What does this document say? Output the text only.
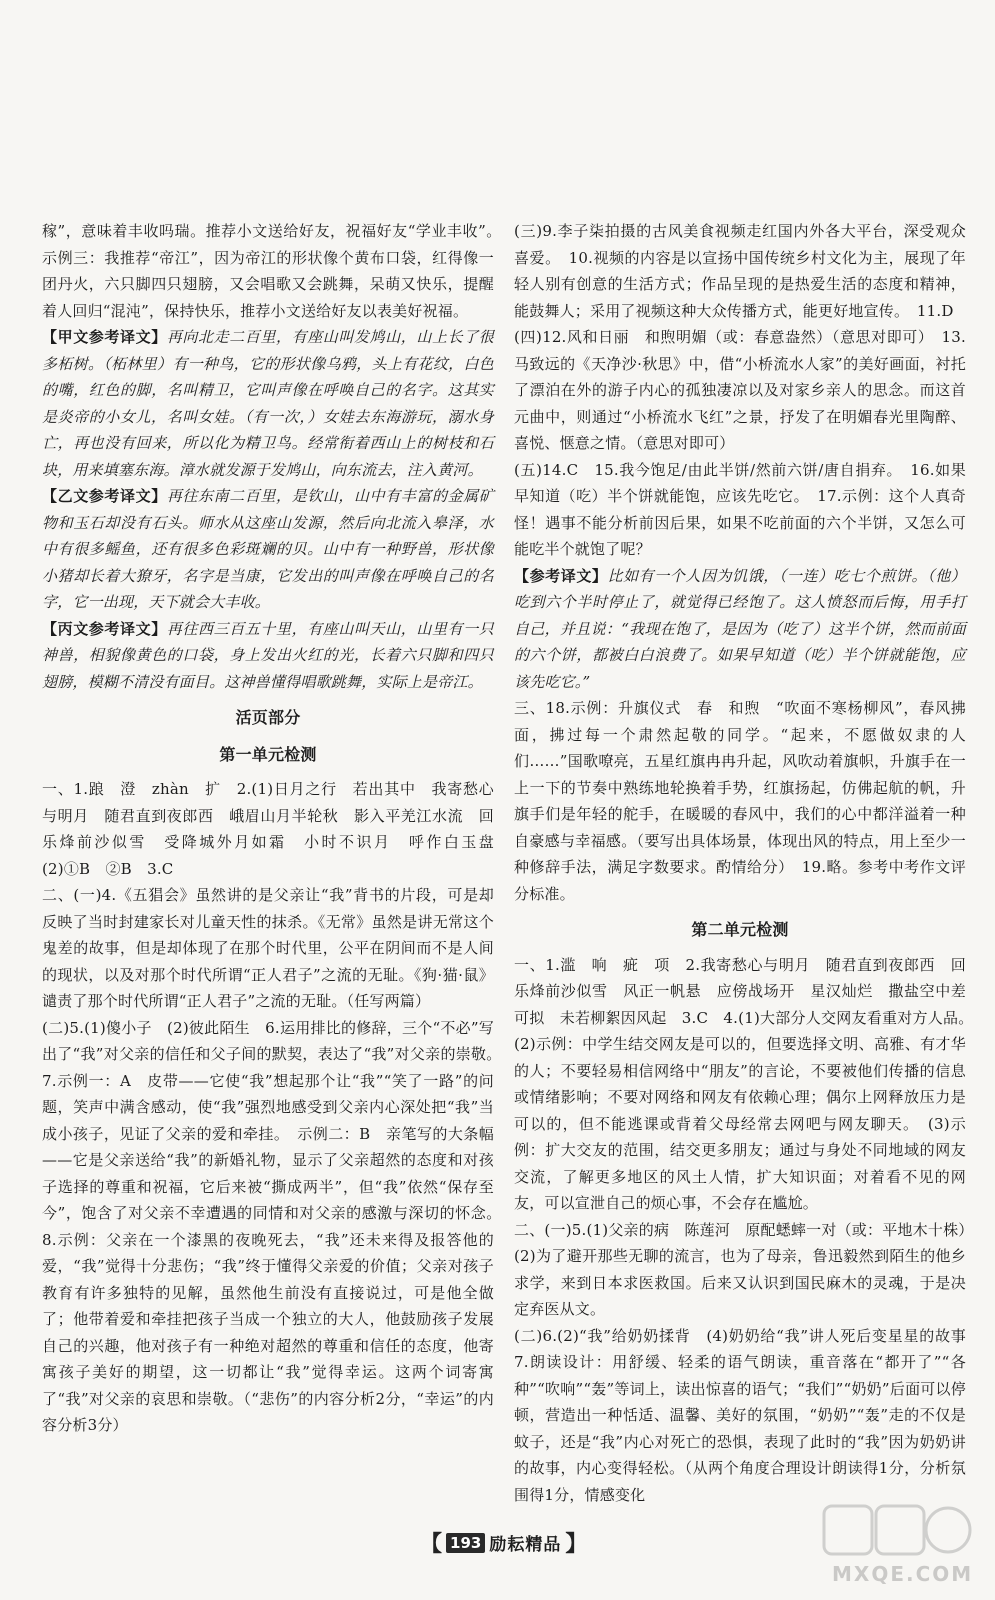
稼”，意味着丰收吗瑞。推荐小文送给好友，祝福好友“学业丰收”。　示例三：我推荐“帝江”，因为帝江的形状像个黄布口袋，红得像一团丹火，六只脚四只翅膀，又会唱歌又会跳舞，呆萌又快乐，提醒着人回归“混沌”，保持快乐，推荐小文送给好友以表美好祝福。

【甲文参考译文】再向北走二百里，有座山叫发鸠山，山上长了很多柘树。（柘林里）有一种鸟，它的形状像乌鸦，头上有花纹，白色的嘴，红色的脚，名叫精卫，它叫声像在呼唤自己的名字。这其实是炎帝的小女儿，名叫女娃。（有一次，）女娃去东海游玩，溺水身亡，再也没有回来，所以化为精卫鸟。经常衔着西山上的树枝和石块，用来填塞东海。漳水就发源于发鸠山，向东流去，注入黄河。

【乙文参考译文】再往东南二百里，是钦山，山中有丰富的金属矿物和玉石却没有石头。师水从这座山发源，然后向北流入皋泽，水中有很多鳐鱼，还有很多色彩斑斓的贝。山中有一种野兽，形状像小猪却长着大獠牙，名字是当康，它发出的叫声像在呼唤自己的名字，它一出现，天下就会大丰收。

【丙文参考译文】再往西三百五十里，有座山叫天山，山里有一只神兽，相貌像黄色的口袋，身上发出火红的光，长着六只脚和四只翅膀，模糊不清没有面目。这神兽懂得唱歌跳舞，实际上是帝江。

活页部分
第一单元检测

一、1.踉　澄　zhàn　扩　2.(1)日月之行　若出其中　我寄愁心与明月　随君直到夜郎西　峨眉山月半轮秋　影入平羌江水流　回乐烽前沙似雪　受降城外月如霜　小时不识月　呼作白玉盘　(2)①B　②B　3.C

二、(一)4.《五猖会》虽然讲的是父亲让“我”背书的片段，可是却反映了当时封建家长对儿童天性的抹杀。《无常》虽然是讲无常这个鬼差的故事，但是却体现了在那个时代里，公平在阴间而不是人间的现状，以及对那个时代所谓“正人君子”之流的无耻。《狗·猫·鼠》谴责了那个时代所谓“正人君子”之流的无耻。（任写两篇）

(二)5.(1)傻小子　(2)彼此陌生　6.运用排比的修辞，三个“不必”写出了“我”对父亲的信任和父子间的默契，表达了“我”对父亲的崇敬。　7.示例一：A　皮带——它使“我”想起那个让“我”“笑了一路”的问题，笑声中满含感动，使“我”强烈地感受到父亲内心深处把“我”当成小孩子，见证了父亲的爱和牵挂。　示例二：B　亲笔写的大条幅——它是父亲送给“我”的新婚礼物，显示了父亲超然的态度和对孩子选择的尊重和祝福，它后来被“撕成两半”，但“我”依然“保存至今”，饱含了对父亲不幸遭遇的同情和对父亲的感激与深切的怀念。　8.示例：父亲在一个漆黑的夜晚死去，“我”还未来得及报答他的爱，“我”觉得十分悲伤；“我”终于懂得父亲爱的价值；父亲对孩子教育有许多独特的见解，虽然他生前没有直接说过，可是他全做了；他带着爱和牵挂把孩子当成一个独立的大人，他鼓励孩子发展自己的兴趣，他对孩子有一种绝对超然的尊重和信任的态度，他寄寓孩子美好的期望，这一切都让“我”觉得幸运。这两个词寄寓了“我”对父亲的哀思和崇敬。（“悲伤”的内容分析2分，“幸运”的内容分析3分）

(三)9.李子柒拍摄的古风美食视频走红国内外各大平台，深受观众喜爱。　10.视频的内容是以宣扬中国传统乡村文化为主，展现了年轻人别有创意的生活方式；作品呈现的是热爱生活的态度和精神，能鼓舞人；采用了视频这种大众传播方式，能更好地宣传。　11.D

(四)12.风和日丽　和煦明媚（或：春意盎然）（意思对即可）　13.马致远的《天净沙·秋思》中，借“小桥流水人家”的美好画面，衬托了漂泊在外的游子内心的孤独凄凉以及对家乡亲人的思念。而这首元曲中，则通过“小桥流水飞红”之景，抒发了在明媚春光里陶醉、喜悦、惬意之情。（意思对即可）

(五)14.C　15.我今饱足/由此半饼/然前六饼/唐自捐弃。　16.如果早知道（吃）半个饼就能饱，应该先吃它。　17.示例：这个人真奇怪！遇事不能分析前因后果，如果不吃前面的六个半饼，又怎么可能吃半个就饱了呢？

【参考译文】比如有一个人因为饥饿，（一连）吃七个煎饼。（他）吃到六个半时停止了，就觉得已经饱了。这人愤怒而后悔，用手打自己，并且说：“我现在饱了，是因为（吃了）这半个饼，然而前面的六个饼，都被白白浪费了。如果早知道（吃）半个饼就能饱，应该先吃它。”

三、18.示例：升旗仪式　春　和煦　“吹面不寒杨柳风”，春风拂面，拂过每一个肃然起敬的同学。“起来，不愿做奴隶的人们……”国歌嘹亮，五星红旗冉冉升起，风吹动着旗帜，升旗手在一上一下的节奏中熟练地轮换着手势，红旗扬起，仿佛起航的帆，升旗手们是年轻的舵手，在暖暖的春风中，我们的心中都洋溢着一种自豪感与幸福感。（要写出具体场景，体现出风的特点，用上至少一种修辞手法，满足字数要求。酌情给分）　19.略。参考中考作文评分标准。

第二单元检测

一、1.滥　响　疵　项　2.我寄愁心与明月　随君直到夜郎西　回乐烽前沙似雪　风正一帆悬　应傍战场开　星汉灿烂　撒盐空中差可拟　未若柳絮因风起　3.C　4.(1)大部分人交网友看重对方人品。　(2)示例：中学生结交网友是可以的，但要选择文明、高雅、有才华的人；不要轻易相信网络中“朋友”的言论，不要被他们传播的信息或情绪影响；不要对网络和网友有依赖心理；偶尔上网释放压力是可以的，但不能逃课或背着父母经常去网吧与网友聊天。　(3)示例：扩大交友的范围，结交更多朋友；通过与身处不同地域的网友交流，了解更多地区的风土人情，扩大知识面；对着看不见的网友，可以宣泄自己的烦心事，不会存在尴尬。

二、(一)5.(1)父亲的病　陈莲河　原配蟋蟀一对（或：平地木十株）　(2)为了避开那些无聊的流言，也为了母亲，鲁迅毅然到陌生的他乡求学，来到日本求医救国。后来又认识到国民麻木的灵魂，于是决定弃医从文。

(二)6.(2)“我”给奶奶揉背　(4)奶奶给“我”讲人死后变星星的故事　7.朗读设计：用舒缓、轻柔的语气朗读，重音落在“都开了”“各种”“吹响”“轰”等词上，读出惊喜的语气；“我们”“奶奶”后面可以停顿，营造出一种恬适、温馨、美好的氛围，“奶奶”“轰”走的不仅是蚊子，还是“我”内心对死亡的恐惧，表现了此时的“我”因为奶奶讲的故事，内心变得轻松。（从两个角度合理设计朗读得1分，分析氛围得1分，情感变化

【 193 励耘精品 】
MXQE.COM
